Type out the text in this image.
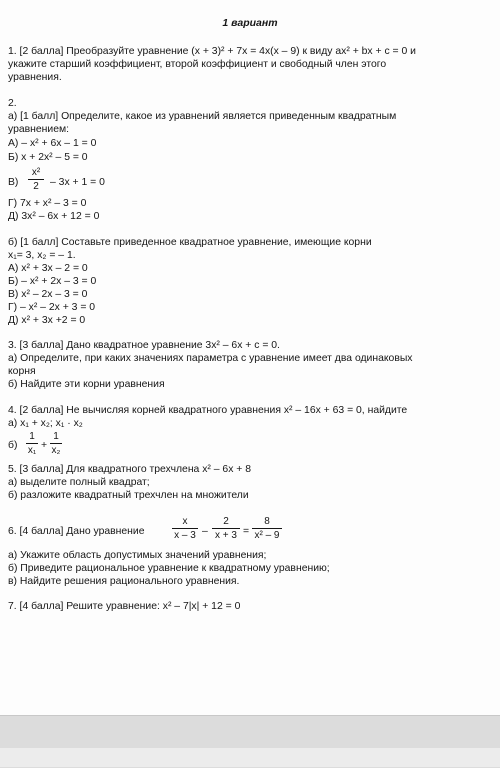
1 вариант
1. [2 балла] Преобразуйте уравнение (x + 3)² + 7x = 4x(x – 9) к виду ax² + bx + c = 0 и
укажите старший коэффициент, второй коэффициент и свободный член этого
уравнения.
2.
а) [1 балл] Определите, какое из уравнений является приведенным квадратным
уравнением:
А) – x² + 6x – 1 = 0
Б) x + 2x² – 5 = 0
В)
x²
2	– 3x + 1 = 0
Г) 7x + x² – 3 = 0
Д) 3x² – 6x + 12 = 0
б) [1 балл] Составьте приведенное квадратное уравнение, имеющие корни
x₁= 3, x₂ = – 1.
А) x² + 3x – 2 = 0
Б) – x² + 2x – 3 = 0
В) x² – 2x – 3 = 0
Г) – x² – 2x + 3 = 0
Д) x² + 3x +2 = 0
3. [3 балла] Дано квадратное уравнение 3x² – 6x + c = 0.
а) Определите, при каких значениях параметра с уравнение имеет два одинаковых
корня
б) Найдите эти корни уравнения
4. [2 балла] Не вычисляя корней квадратного уравнения x² – 16x + 63 = 0, найдите
а) x₁ + x₂; x₁ · x₂
б)
1
x₁ +
1
x₂
5. [3 балла] Для квадратного трехчлена x² – 6x + 8
а) выделите полный квадрат;
б) разложите квадратный трехчлен на множители
6. [4 балла] Дано уравнение
x
x – 3 –
2
x + 3 =
8
x² – 9
а) Укажите область допустимых значений уравнения;
б) Приведите рациональное уравнение к квадратному уравнению;
в) Найдите решения рационального уравнения.
7. [4 балла] Решите уравнение: x² – 7|x| + 12 = 0
